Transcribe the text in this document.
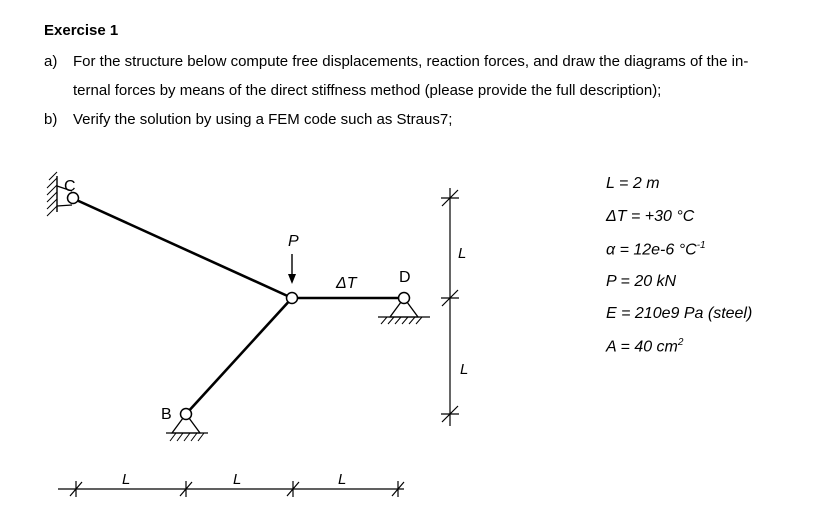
Exercise 1
a) For the structure below compute free displacements, reaction forces, and draw the diagrams of the in-
ternal forces by means of the direct stiffness method (please provide the full description);
b) Verify the solution by using a FEM code such as Straus7;
C
B
D
P
ΔT
L
L
L	L	L
L = 2 m
ΔT = +30 °C
α = 12e-6 $^\circ C^{-1}$
P = 20 kN
E = 210e9 Pa (steel)
A = 40 $cm^2$
